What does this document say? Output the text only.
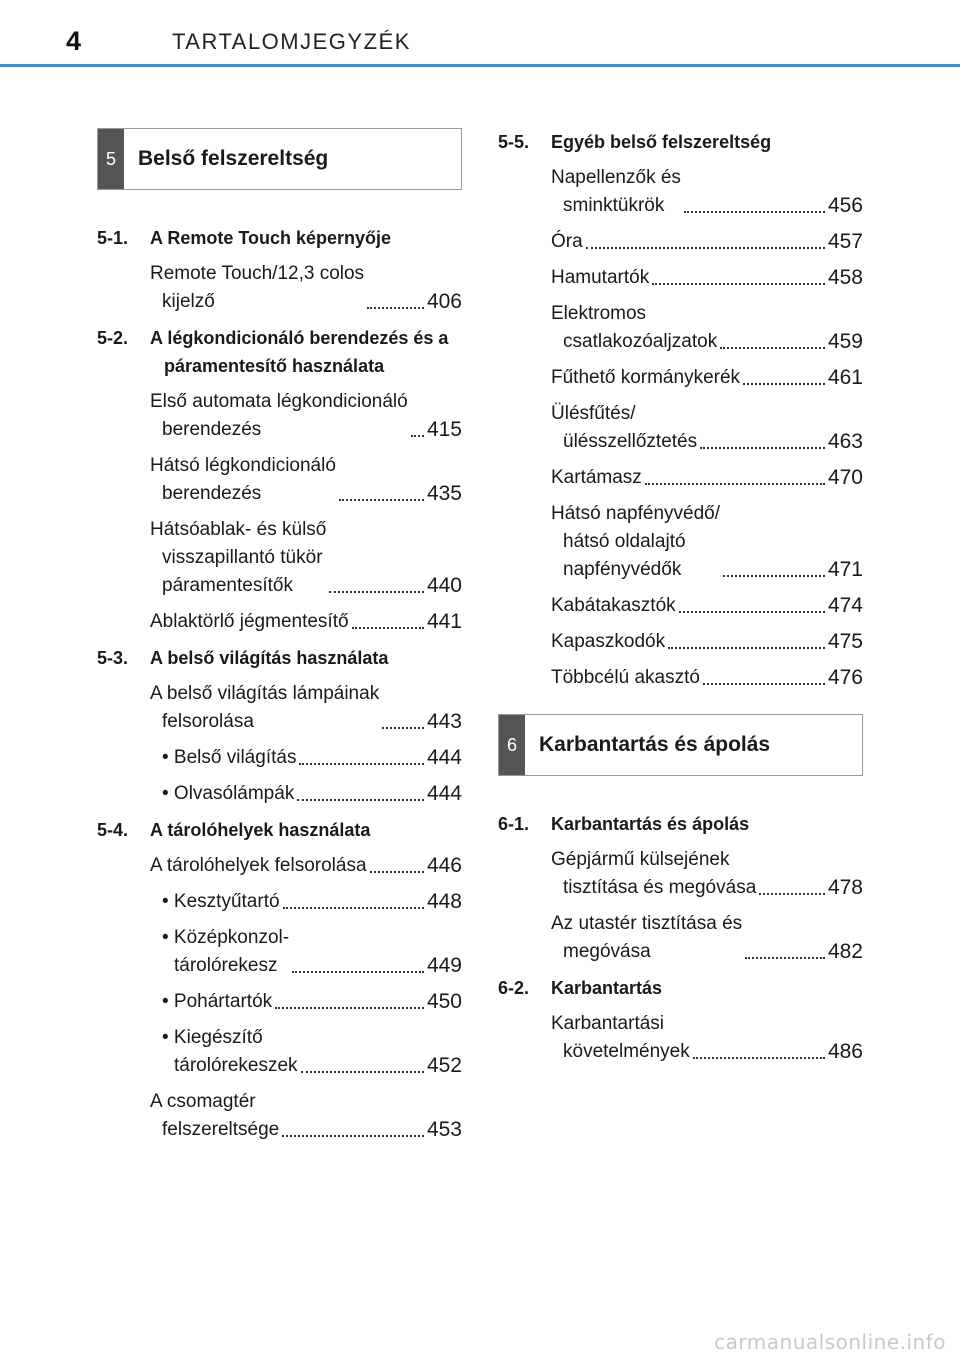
4	TARTALOMJEGYZÉK
5	Belső felszereltség
5-1.	A Remote Touch képernyője
Remote Touch/12,3 colos
kijelző	406
5-2.	A légkondicionáló berendezés és a páramentesítő használata
Első automata légkondicionáló
berendezés	415
Hátsó légkondicionáló
berendezés	435
Hátsóablak- és külső
visszapillantó tükör
páramentesítők	440
Ablaktörlő jégmentesítő	441
5-3.	A belső világítás használata
A belső világítás lámpáinak
felsorolása	443
• Belső világítás	444
• Olvasólámpák	444
5-4.	A tárolóhelyek használata
A tárolóhelyek felsorolása	446
• Kesztyűtartó	448
• Középkonzol-
tárolórekesz	449
• Pohártartók	450
• Kiegészítő
tárolórekeszek	452
A csomagtér
felszereltsége	453
5-5.	Egyéb belső felszereltség
Napellenzők és
sminktükrök	456
Óra	457
Hamutartók	458
Elektromos
csatlakozóaljzatok	459
Fűthető kormánykerék	461
Ülésfűtés/
ülésszellőztetés	463
Kartámasz	470
Hátsó napfényvédő/
hátsó oldalajtó
napfényvédők	471
Kabátakasztók	474
Kapaszkodók	475
Többcélú akasztó	476
6	Karbantartás és ápolás
6-1.	Karbantartás és ápolás
Gépjármű külsejének
tisztítása és megóvása	478
Az utastér tisztítása és
megóvása	482
6-2.	Karbantartás
Karbantartási
követelmények	486
carmanualsonline.info
